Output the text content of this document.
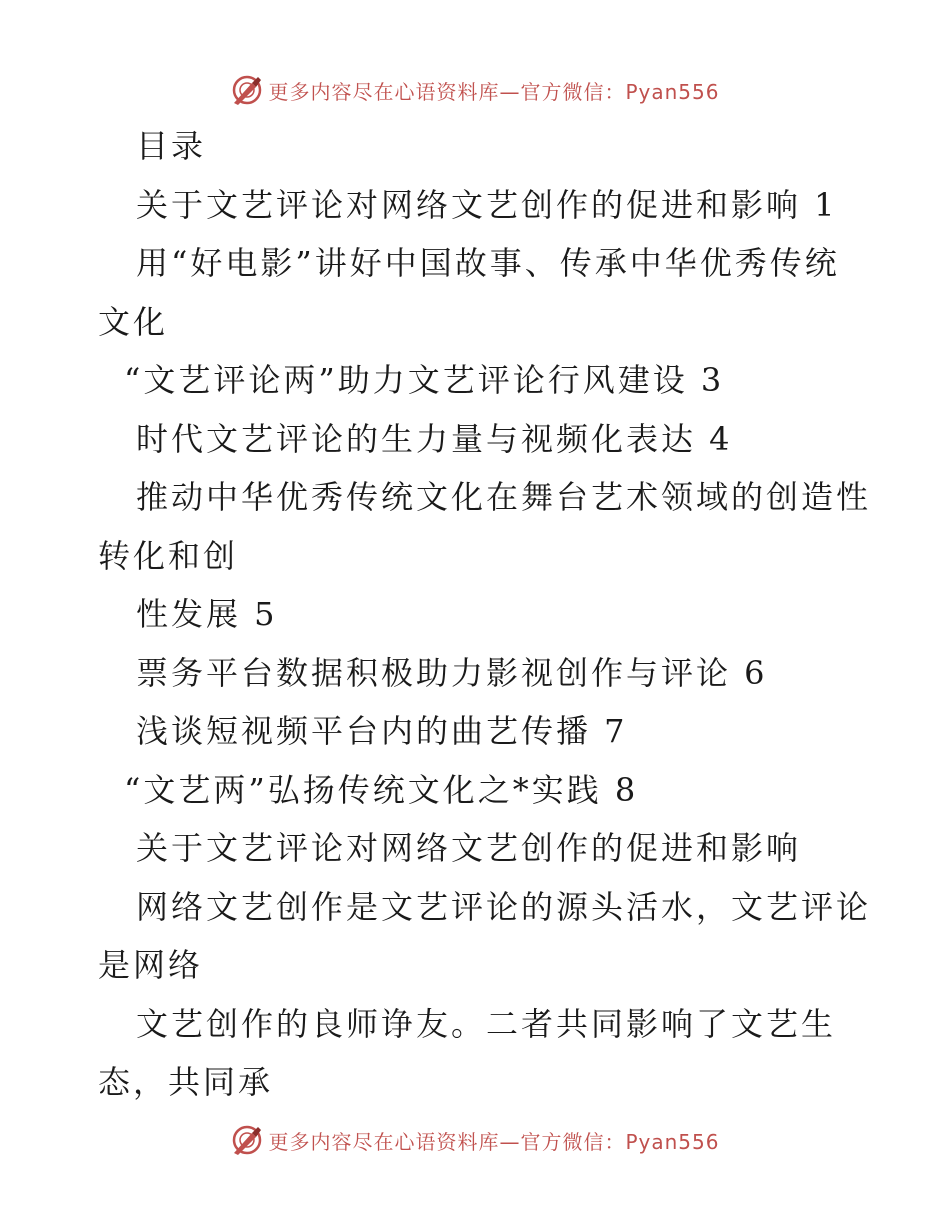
更多内容尽在心语资料库—官方微信：Pyan556
目录
关于文艺评论对网络文艺创作的促进和影响 1
用“好电影”讲好中国故事、传承中华优秀传统
文化
“文艺评论两”助力文艺评论行风建设 3
时代文艺评论的生力量与视频化表达 4
推动中华优秀传统文化在舞台艺术领域的创造性
转化和创
性发展 5
票务平台数据积极助力影视创作与评论 6
浅谈短视频平台内的曲艺传播 7
“文艺两”弘扬传统文化之*实践 8
关于文艺评论对网络文艺创作的促进和影响
网络文艺创作是文艺评论的源头活水，文艺评论
是网络
文艺创作的良师诤友。二者共同影响了文艺生
态，共同承
更多内容尽在心语资料库—官方微信：Pyan556
